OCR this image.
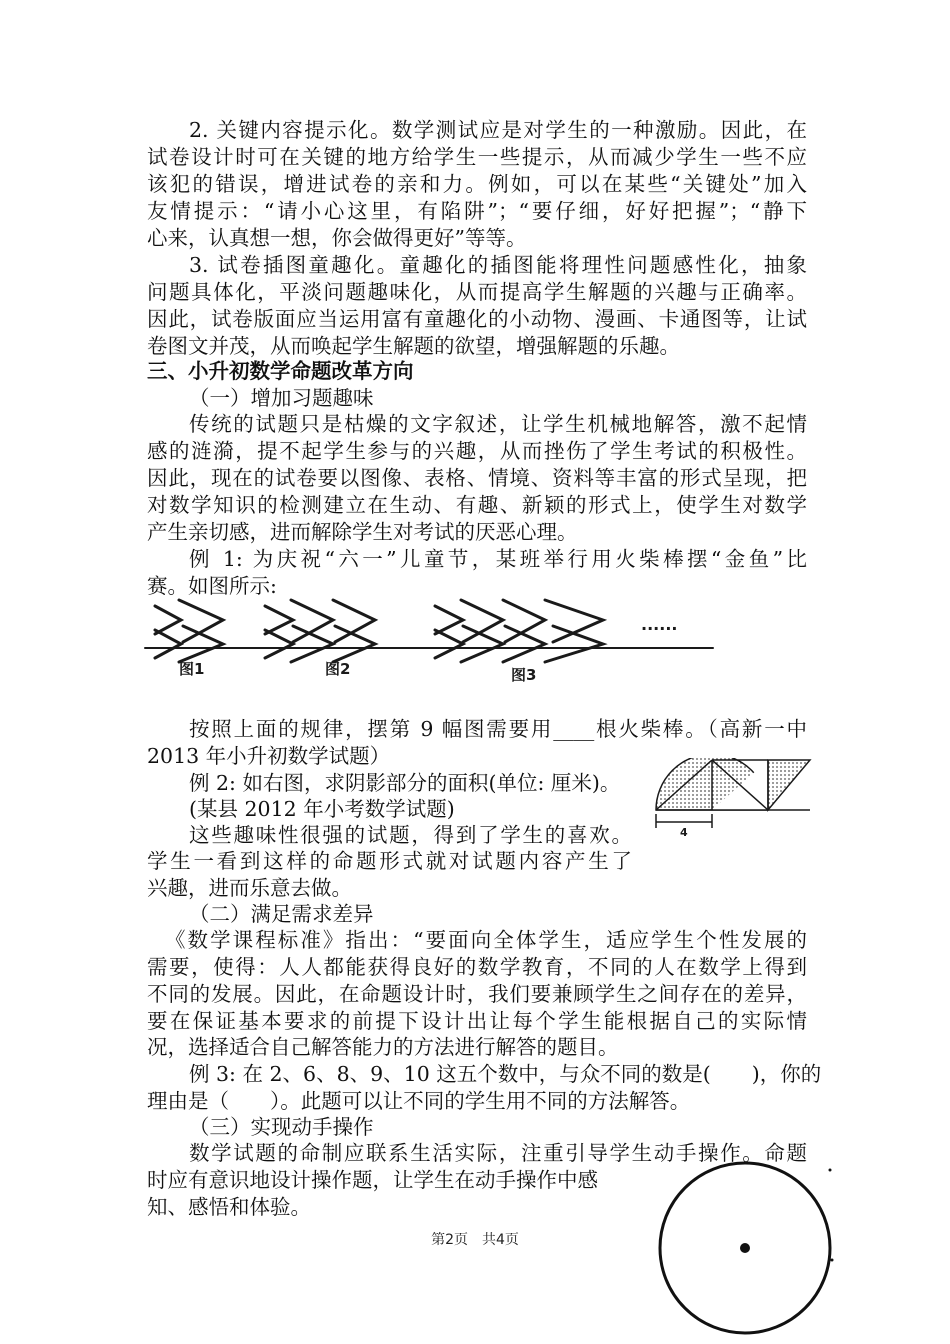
2. 关键内容提示化。数学测试应是对学生的一种激励。因此，在
试卷设计时可在关键的地方给学生一些提示，从而减少学生一些不应
该犯的错误，增进试卷的亲和力。例如，可以在某些“关键处”加入
友情提示：“请小心这里，有陷阱”；“要仔细，好好把握”；“静下
心来，认真想一想，你会做得更好”等等。
3. 试卷插图童趣化。童趣化的插图能将理性问题感性化，抽象
问题具体化，平淡问题趣味化，从而提高学生解题的兴趣与正确率。
因此，试卷版面应当运用富有童趣化的小动物、漫画、卡通图等，让试
卷图文并茂，从而唤起学生解题的欲望，增强解题的乐趣。
三、小升初数学命题改革方向
（一）增加习题趣味
传统的试题只是枯燥的文字叙述，让学生机械地解答，激不起情
感的涟漪，提不起学生参与的兴趣，从而挫伤了学生考试的积极性。
因此，现在的试卷要以图像、表格、情境、资料等丰富的形式呈现，把
对数学知识的检测建立在生动、有趣、新颖的形式上，使学生对数学
产生亲切感，进而解除学生对考试的厌恶心理。
例 1: 为庆祝“六一”儿童节，某班举行用火柴棒摆“金鱼”比
赛。如图所示:
......
图1	图2	图3
按照上面的规律，摆第 9 幅图需要用____根火柴棒。（高新一中
2013 年小升初数学试题）
例 2: 如右图，求阴影部分的面积(单位: 厘米)。
(某县 2012 年小考数学试题)
4
这些趣味性很强的试题，得到了学生的喜欢。
学生一看到这样的命题形式就对试题内容产生了
兴趣，进而乐意去做。
（二）满足需求差异
《数学课程标准》指出：“要面向全体学生，适应学生个性发展的
需要，使得：人人都能获得良好的数学教育，不同的人在数学上得到
不同的发展。因此，在命题设计时，我们要兼顾学生之间存在的差异，
要在保证基本要求的前提下设计出让每个学生能根据自己的实际情
况，选择适合自己解答能力的方法进行解答的题目。
例 3: 在 2、6、8、9、10 这五个数中，与众不同的数是(　　)，你的
理由是（　　）。此题可以让不同的学生用不同的方法解答。
（三）实现动手操作
数学试题的命制应联系生活实际，注重引导学生动手操作。命题
时应有意识地设计操作题，让学生在动手操作中感
知、感悟和体验。
第2页　共4页
